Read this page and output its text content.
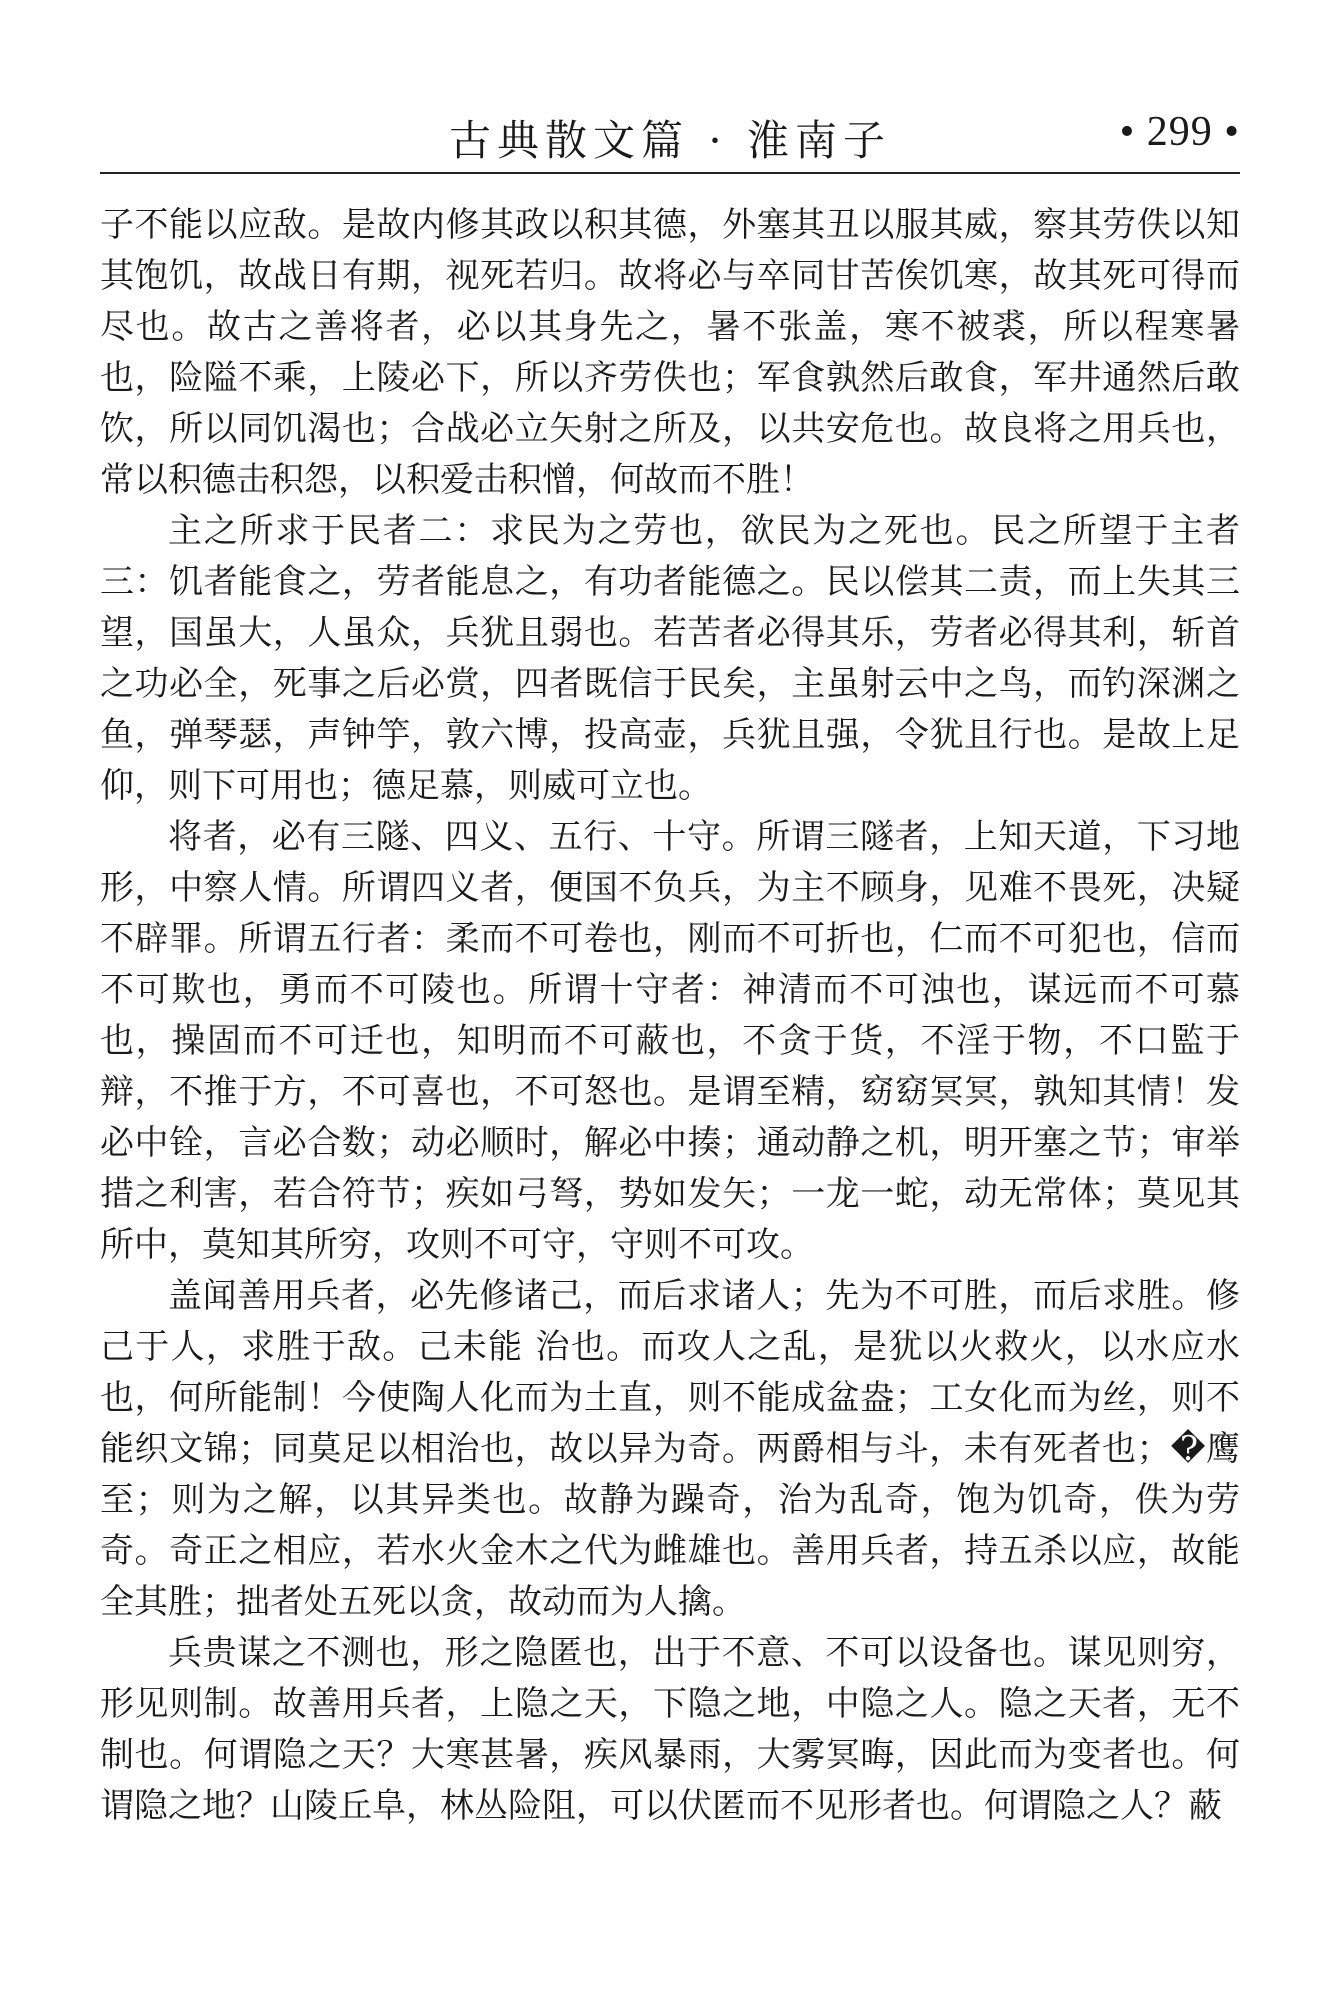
古典散文篇 · 淮南子	• 299 •

子不能以应敌。是故内修其政以积其德，外塞其丑以服其威，察其劳佚以知其饱饥，故战日有期，视死若归。故将必与卒同甘苦俟饥寒，故其死可得而尽也。故古之善将者，必以其身先之，暑不张盖，寒不被裘，所以程寒暑也，险隘不乘，上陵必下，所以齐劳佚也；军食孰然后敢食，军井通然后敢饮，所以同饥渴也；合战必立矢射之所及，以共安危也。故良将之用兵也，常以积德击积怨，以积爱击积憎，何故而不胜！

主之所求于民者二：求民为之劳也，欲民为之死也。民之所望于主者三：饥者能食之，劳者能息之，有功者能德之。民以偿其二责，而上失其三望，国虽大，人虽众，兵犹且弱也。若苦者必得其乐，劳者必得其利，斩首之功必全，死事之后必赏，四者既信于民矣，主虽射云中之鸟，而钓深渊之鱼，弹琴瑟，声钟竽，敦六博，投高壶，兵犹且强，令犹且行也。是故上足仰，则下可用也；德足慕，则威可立也。

将者，必有三隧、四义、五行、十守。所谓三隧者，上知天道，下习地形，中察人情。所谓四义者，便国不负兵，为主不顾身，见难不畏死，决疑不辟罪。所谓五行者：柔而不可卷也，刚而不可折也，仁而不可犯也，信而不可欺也，勇而不可陵也。所谓十守者：神清而不可浊也，谋远而不可慕也，操固而不可迁也，知明而不可蔽也，不贪于货，不淫于物，不口監于辩，不推于方，不可喜也，不可怒也。是谓至精，窈窈冥冥，孰知其情！发必中铨，言必合数；动必顺时，解必中揍；通动静之机，明开塞之节；审举措之利害，若合符节；疾如弓弩，势如发矢；一龙一蛇，动无常体；莫见其所中，莫知其所穷，攻则不可守，守则不可攻。

盖闻善用兵者，必先修诸己，而后求诸人；先为不可胜，而后求胜。修己于人，求胜于敌。己未能 治也。而攻人之乱，是犹以火救火，以水应水也，何所能制！今使陶人化而为土直，则不能成盆盎；工女化而为丝，则不能织文锦；同莫足以相治也，故以异为奇。两爵相与斗，未有死者也；�鹰至；则为之解，以其异类也。故静为躁奇，治为乱奇，饱为饥奇，佚为劳奇。奇正之相应，若水火金木之代为雌雄也。善用兵者，持五杀以应，故能全其胜；拙者处五死以贪，故动而为人擒。

兵贵谋之不测也，形之隐匿也，出于不意、不可以设备也。谋见则穷，形见则制。故善用兵者，上隐之天，下隐之地，中隐之人。隐之天者，无不制也。何谓隐之天？大寒甚暑，疾风暴雨，大雾冥晦，因此而为变者也。何谓隐之地？山陵丘阜，林丛险阻，可以伏匿而不见形者也。何谓隐之人？蔽
